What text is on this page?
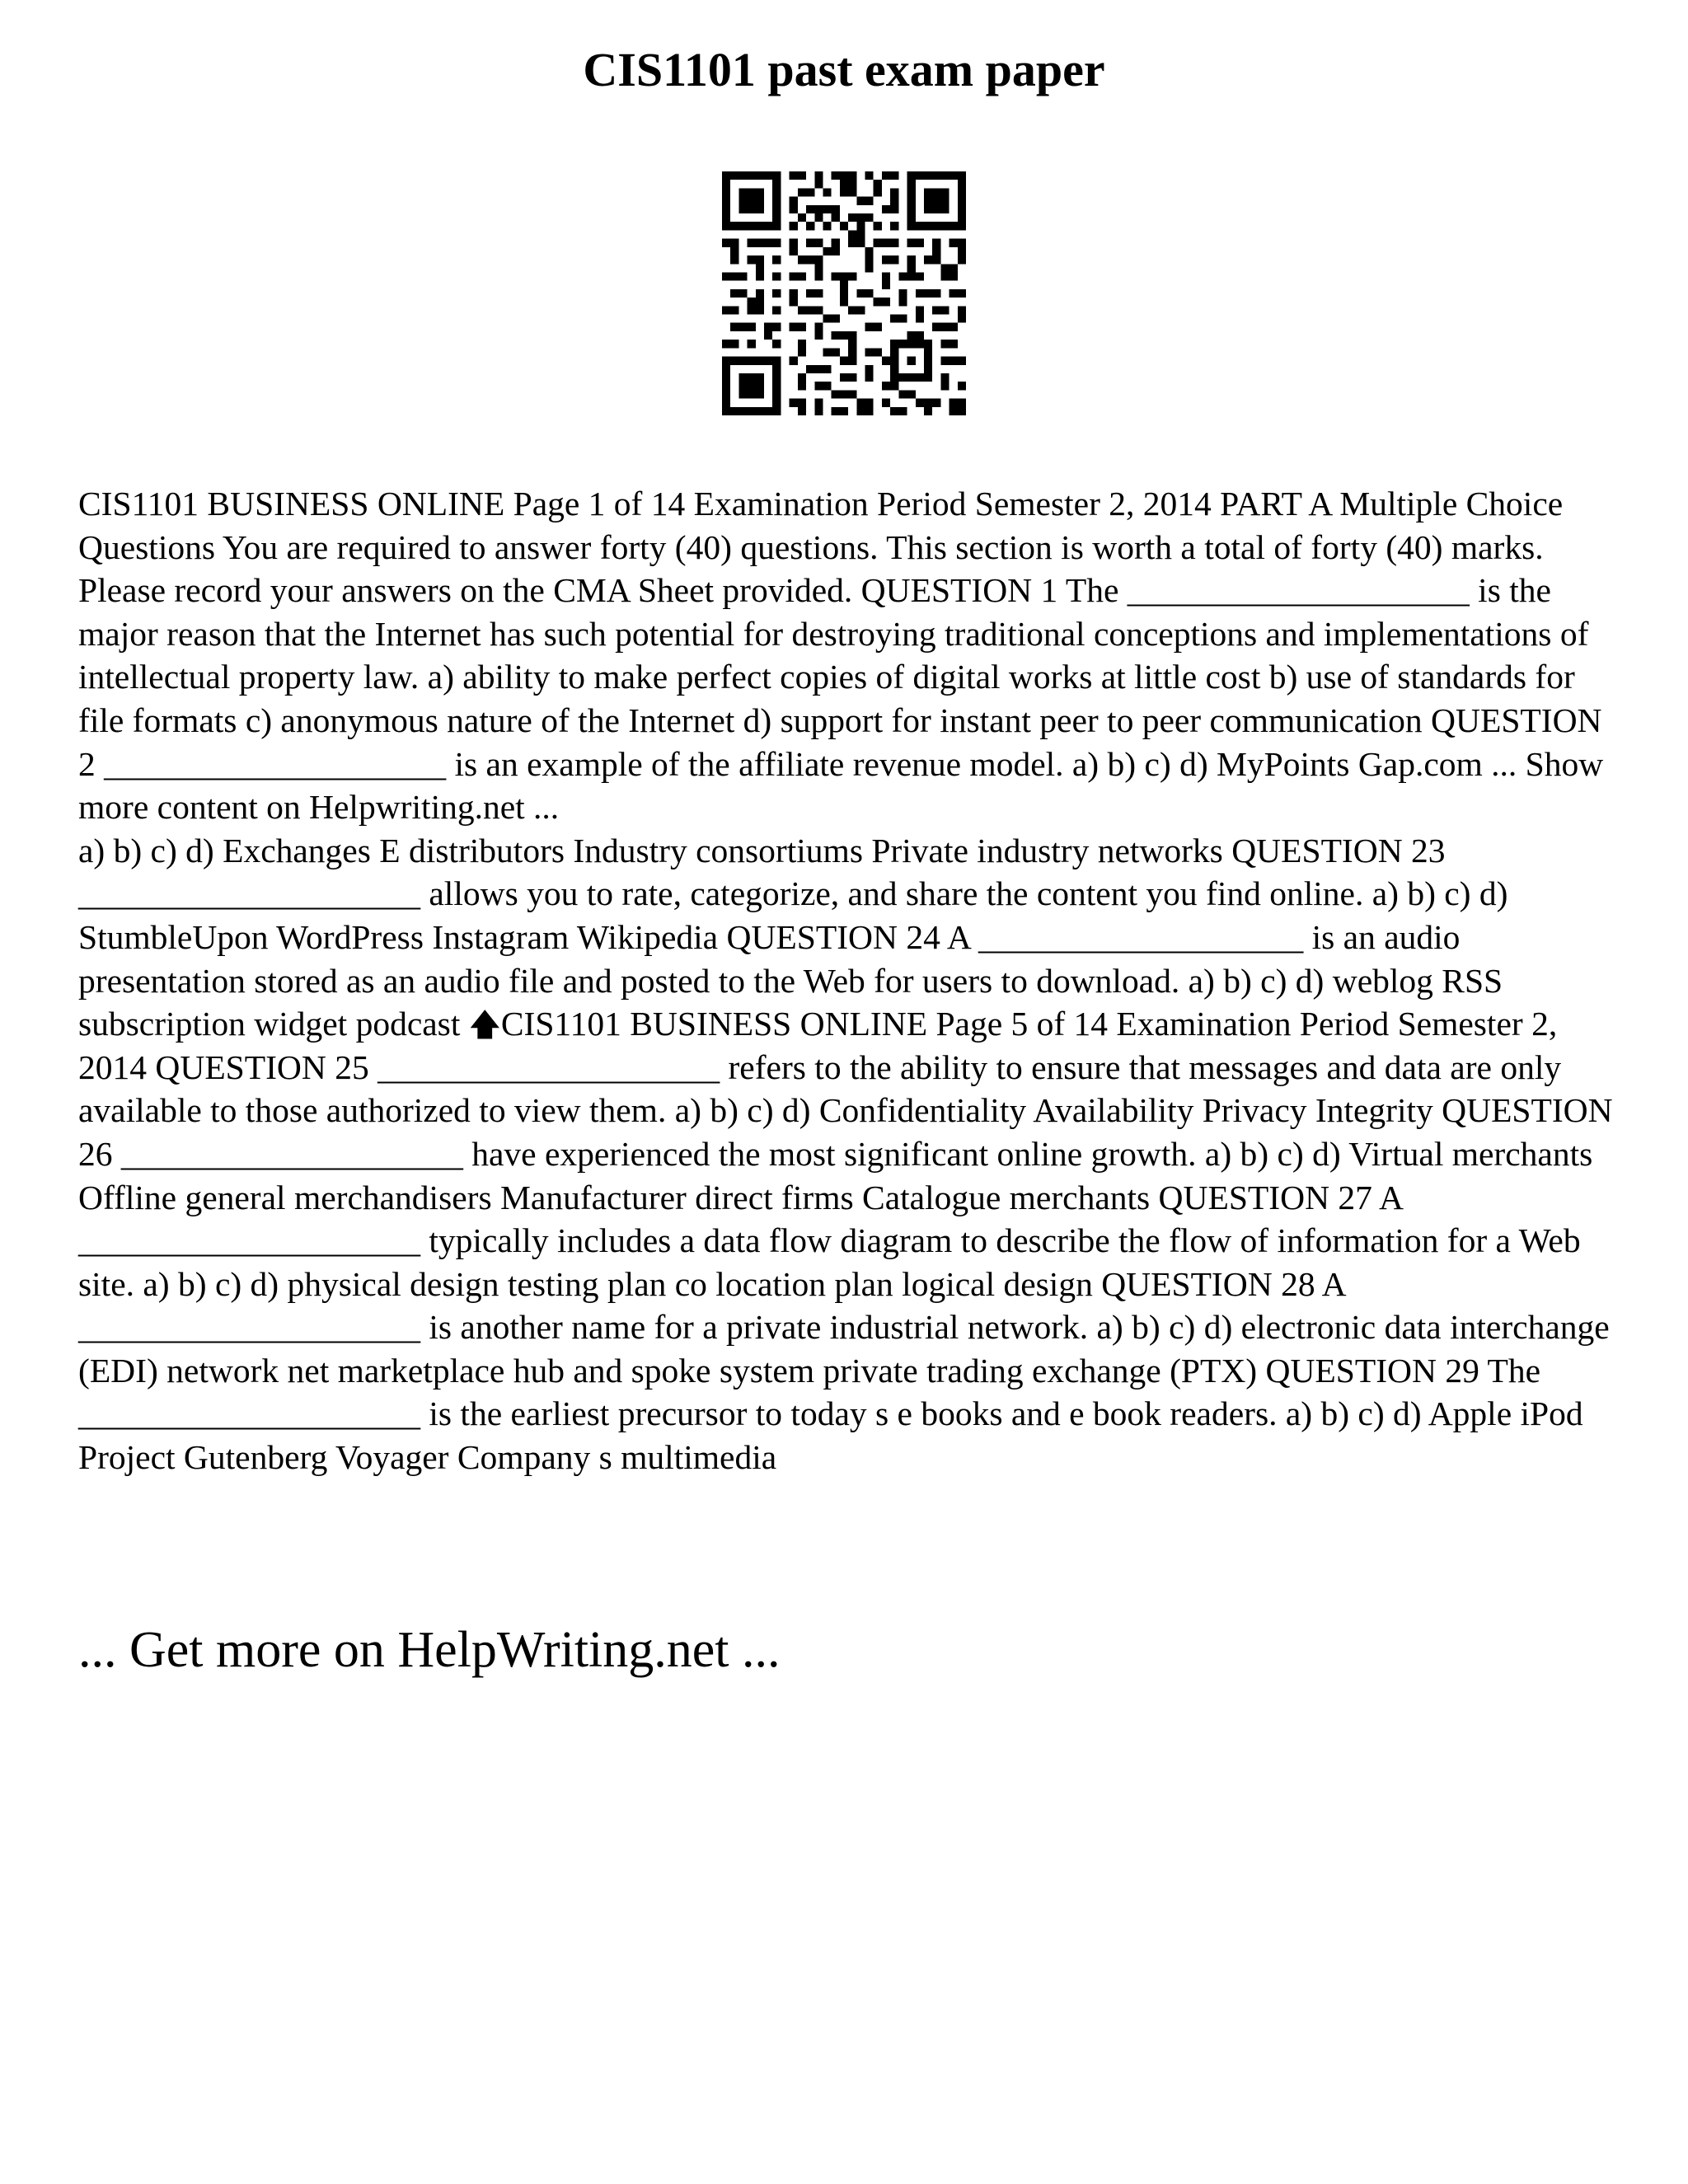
CIS1101 past exam paper

CIS1101 BUSINESS ONLINE Page 1 of 14 Examination Period Semester 2, 2014 PART A Multiple Choice Questions You are required to answer forty (40) questions. This section is worth a total of forty (40) marks. Please record your answers on the CMA Sheet provided. QUESTION 1 The ____________________ is the major reason that the Internet has such potential for destroying traditional conceptions and implementations of intellectual property law. a) ability to make perfect copies of digital works at little cost b) use of standards for file formats c) anonymous nature of the Internet d) support for instant peer to peer communication QUESTION 2 ____________________ is an example of the affiliate revenue model. a) b) c) d) MyPoints Gap.com ... Show more content on Helpwriting.net ...

a) b) c) d) Exchanges E distributors Industry consortiums Private industry networks QUESTION 23 ____________________ allows you to rate, categorize, and share the content you find online. a) b) c) d) StumbleUpon WordPress Instagram Wikipedia QUESTION 24 A ___________________ is an audio presentation stored as an audio file and posted to the Web for users to download. a) b) c) d) weblog RSS subscription widget podcast 🡅CIS1101 BUSINESS ONLINE Page 5 of 14 Examination Period Semester 2, 2014 QUESTION 25 ____________________ refers to the ability to ensure that messages and data are only available to those authorized to view them. a) b) c) d) Confidentiality Availability Privacy Integrity QUESTION 26 ____________________ have experienced the most significant online growth. a) b) c) d) Virtual merchants Offline general merchandisers Manufacturer direct firms Catalogue merchants QUESTION 27 A ____________________ typically includes a data flow diagram to describe the flow of information for a Web site. a) b) c) d) physical design testing plan co location plan logical design QUESTION 28 A ____________________ is another name for a private industrial network. a) b) c) d) electronic data interchange (EDI) network net marketplace hub and spoke system private trading exchange (PTX) QUESTION 29 The ____________________ is the earliest precursor to today s e books and e book readers. a) b) c) d) Apple iPod Project Gutenberg Voyager Company s multimedia

... Get more on HelpWriting.net ...
